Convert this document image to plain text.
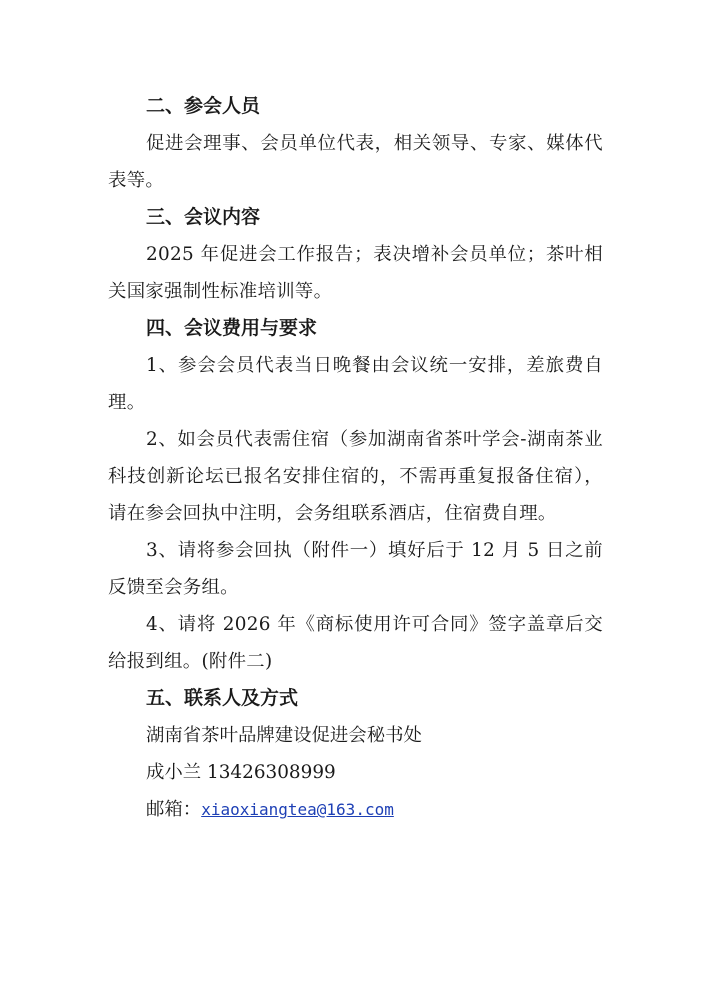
二、参会人员

促进会理事、会员单位代表，相关领导、专家、媒体代表等。

三、会议内容

2025 年促进会工作报告；表决增补会员单位；茶叶相关国家强制性标准培训等。

四、会议费用与要求

1、参会会员代表当日晚餐由会议统一安排，差旅费自理。

2、如会员代表需住宿（参加湖南省茶叶学会-湖南茶业科技创新论坛已报名安排住宿的，不需再重复报备住宿），请在参会回执中注明，会务组联系酒店，住宿费自理。

3、请将参会回执（附件一）填好后于 12 月 5 日之前反馈至会务组。

4、请将 2026 年《商标使用许可合同》签字盖章后交给报到组。(附件二)

五、联系人及方式

湖南省茶叶品牌建设促进会秘书处

成小兰 13426308999

邮箱：xiaoxiangtea@163.com
